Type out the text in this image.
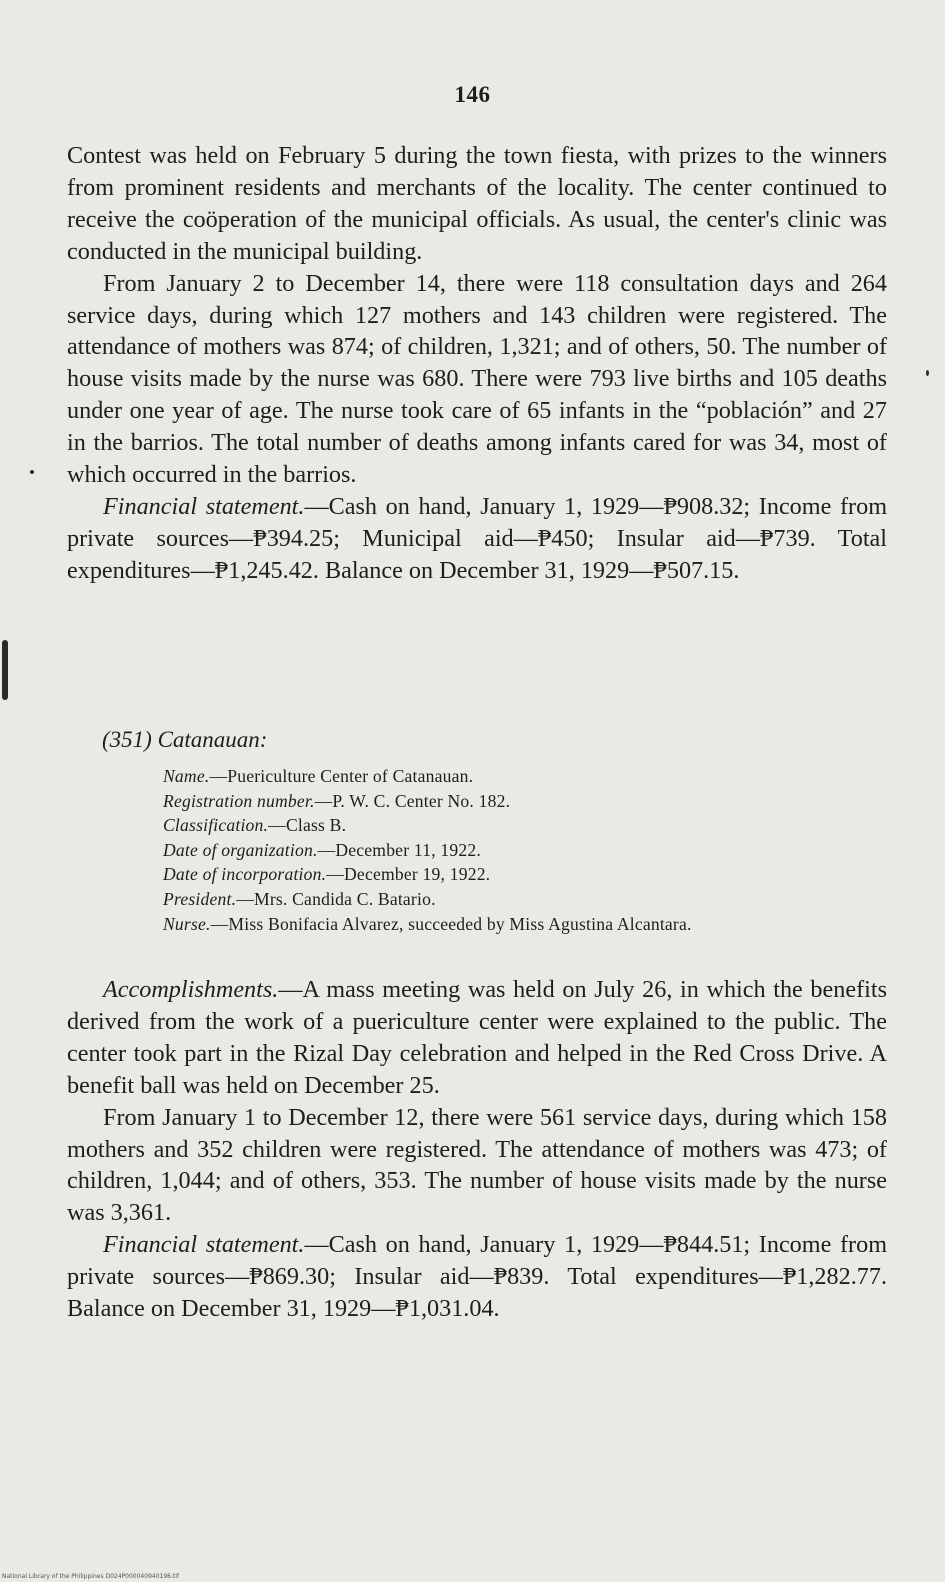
146

Contest was held on February 5 during the town fiesta, with prizes to the winners from prominent residents and merchants of the locality. The center continued to receive the coöperation of the municipal officials. As usual, the center's clinic was conducted in the municipal building.

From January 2 to December 14, there were 118 consultation days and 264 service days, during which 127 mothers and 143 children were registered. The attendance of mothers was 874; of children, 1,321; and of others, 50. The number of house visits made by the nurse was 680. There were 793 live births and 105 deaths under one year of age. The nurse took care of 65 infants in the “población” and 27 in the barrios. The total number of deaths among infants cared for was 34, most of which occurred in the barrios.

Financial statement.—Cash on hand, January 1, 1929—₱908.32; Income from private sources—₱394.25; Municipal aid—₱450; Insular aid—₱739. Total expenditures—₱1,245.42. Balance on December 31, 1929—₱507.15.

(351) Catanauan:
Name.—Puericulture Center of Catanauan.
Registration number.—P. W. C. Center No. 182.
Classification.—Class B.
Date of organization.—December 11, 1922.
Date of incorporation.—December 19, 1922.
President.—Mrs. Candida C. Batario.
Nurse.—Miss Bonifacia Alvarez, succeeded by Miss Agustina Alcantara.

Accomplishments.—A mass meeting was held on July 26, in which the benefits derived from the work of a puericulture center were explained to the public. The center took part in the Rizal Day celebration and helped in the Red Cross Drive. A benefit ball was held on December 25.

From January 1 to December 12, there were 561 service days, during which 158 mothers and 352 children were registered. The attendance of mothers was 473; of children, 1,044; and of others, 353. The number of house visits made by the nurse was 3,361.

Financial statement.—Cash on hand, January 1, 1929—₱844.51; Income from private sources—₱869.30; Insular aid—₱839. Total expenditures—₱1,282.77. Balance on December 31, 1929—₱1,031.04.

National Library of the Philippines D024P000040940196.tif
